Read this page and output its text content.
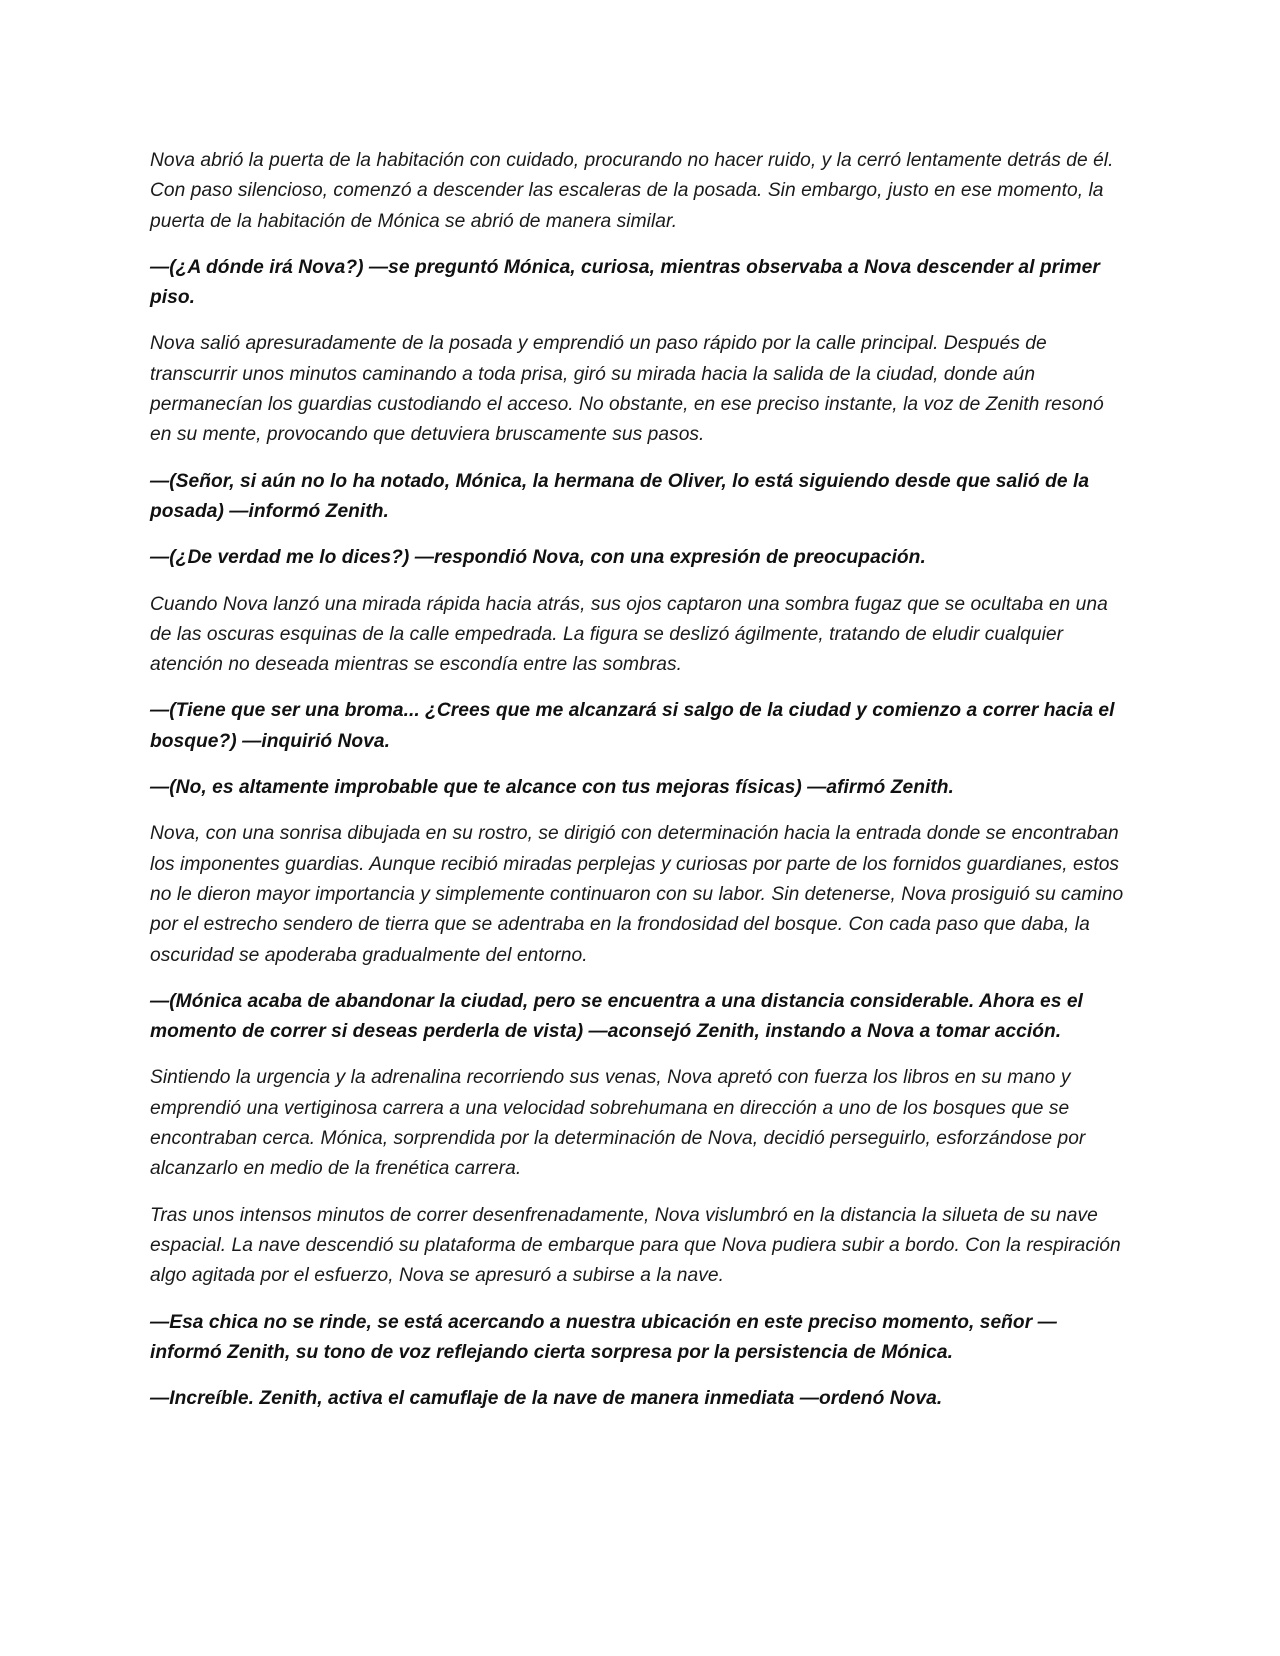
Nova abrió la puerta de la habitación con cuidado, procurando no hacer ruido, y la cerró lentamente detrás de él. Con paso silencioso, comenzó a descender las escaleras de la posada. Sin embargo, justo en ese momento, la puerta de la habitación de Mónica se abrió de manera similar.

—(¿A dónde irá Nova?) —se preguntó Mónica, curiosa, mientras observaba a Nova descender al primer piso.

Nova salió apresuradamente de la posada y emprendió un paso rápido por la calle principal. Después de transcurrir unos minutos caminando a toda prisa, giró su mirada hacia la salida de la ciudad, donde aún permanecían los guardias custodiando el acceso. No obstante, en ese preciso instante, la voz de Zenith resonó en su mente, provocando que detuviera bruscamente sus pasos.

—(Señor, si aún no lo ha notado, Mónica, la hermana de Oliver, lo está siguiendo desde que salió de la posada) —informó Zenith.

—(¿De verdad me lo dices?) —respondió Nova, con una expresión de preocupación.

Cuando Nova lanzó una mirada rápida hacia atrás, sus ojos captaron una sombra fugaz que se ocultaba en una de las oscuras esquinas de la calle empedrada. La figura se deslizó ágilmente, tratando de eludir cualquier atención no deseada mientras se escondía entre las sombras.

—(Tiene que ser una broma... ¿Crees que me alcanzará si salgo de la ciudad y comienzo a correr hacia el bosque?) —inquirió Nova.

—(No, es altamente improbable que te alcance con tus mejoras físicas) —afirmó Zenith.

Nova, con una sonrisa dibujada en su rostro, se dirigió con determinación hacia la entrada donde se encontraban los imponentes guardias. Aunque recibió miradas perplejas y curiosas por parte de los fornidos guardianes, estos no le dieron mayor importancia y simplemente continuaron con su labor. Sin detenerse, Nova prosiguió su camino por el estrecho sendero de tierra que se adentraba en la frondosidad del bosque. Con cada paso que daba, la oscuridad se apoderaba gradualmente del entorno.

—(Mónica acaba de abandonar la ciudad, pero se encuentra a una distancia considerable. Ahora es el momento de correr si deseas perderla de vista) —aconsejó Zenith, instando a Nova a tomar acción.

Sintiendo la urgencia y la adrenalina recorriendo sus venas, Nova apretó con fuerza los libros en su mano y emprendió una vertiginosa carrera a una velocidad sobrehumana en dirección a uno de los bosques que se encontraban cerca. Mónica, sorprendida por la determinación de Nova, decidió perseguirlo, esforzándose por alcanzarlo en medio de la frenética carrera.

Tras unos intensos minutos de correr desenfrenadamente, Nova vislumbró en la distancia la silueta de su nave espacial. La nave descendió su plataforma de embarque para que Nova pudiera subir a bordo. Con la respiración algo agitada por el esfuerzo, Nova se apresuró a subirse a la nave.

—Esa chica no se rinde, se está acercando a nuestra ubicación en este preciso momento, señor —informó Zenith, su tono de voz reflejando cierta sorpresa por la persistencia de Mónica.

—Increíble. Zenith, activa el camuflaje de la nave de manera inmediata —ordenó Nova.
